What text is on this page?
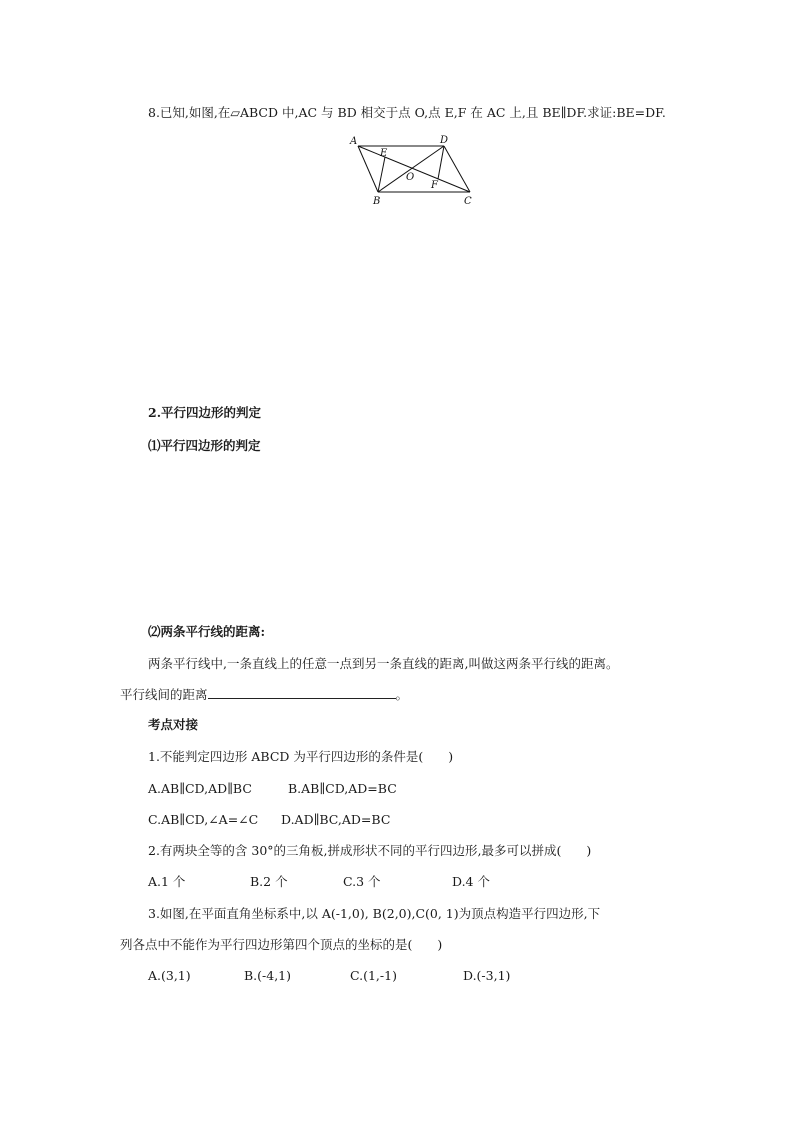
8.已知,如图,在▱ABCD 中,AC 与 BD 相交于点 O,点 E,F 在 AC 上,且 BE∥DF.求证:BE=DF.
A	D
E
O
F
B	C
2.平行四边形的判定
⑴平行四边形的判定
⑵两条平行线的距离:
两条平行线中,一条直线上的任意一点到另一条直线的距离,叫做这两条平行线的距离。
平行线间的距离	。
考点对接
1.不能判定四边形 ABCD 为平行四边形的条件是(　　)
A.AB∥CD,AD∥BC	B.AB∥CD,AD=BC
C.AB∥CD,∠A=∠C D.AD∥BC,AD=BC
2.有两块全等的含 30°的三角板,拼成形状不同的平行四边形,最多可以拼成(　　)
A.1 个	B.2 个	C.3 个	D.4 个
3.如图,在平面直角坐标系中,以 A(-1,0), B(2,0),C(0, 1)为顶点构造平行四边形,下
列各点中不能作为平行四边形第四个顶点的坐标的是(　　)
A.(3,1)	B.(-4,1)	C.(1,-1)	D.(-3,1)
